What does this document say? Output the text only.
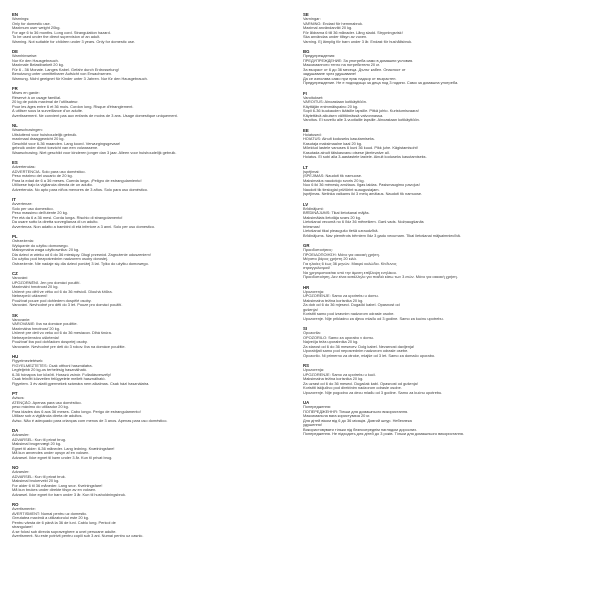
EN
Warnings:
Only for domestic use.
Maximum user weight 20kg.
For age 6 to 36 months. Long cord. Strangulation hazard.
To be used under the direct supervision of an adult.
Warning. Not suitable for children under 3 years. Only for domestic use.
DE
Warnhinweise:
Nur für den Hausgebrauch.
Maximale Belastbarkeit 20 kg.
Für 6 - 36 Monate. Langes Kabel. Gefahr durch Erdrosselung!
Benutzung unter unmittelbarer Aufsicht von Erwachsenen.
Warnung. Nicht geeignet für Kinder unter 3 Jahren. Nur für den Hausgebrauch.
FR
Mises en garde:
Réservé à un usage familial.
20 kg de poids maximal de l'utilisateur.
Pour les âges entre 6 et 36 mois. Cordon long. Risque d'étranglement.
À utiliser sous la surveillance d'un adulte.
Avertissement. Ne convient pas aux enfants de moins de 3 ans. Usage domestique uniquement.
NL
Waarschuwingen:
Uitsluitend voor huishoudelijk gebruik.
maximaal draaggewicht 20 kg.
Geschikt voor 6-36 maanden. Lang koord. Verwurgingsgevaar!
gebruik onder direct toezicht van een volwassene.
Waarschuwing. Niet geschikt voor kinderen jonger dan 3 jaar. Alleen voor huishoudelijk gebruik.
ES
Advertencias:
ADVERTENCIA. Solo para uso doméstico.
Peso máximo del usuario de 20 kg.
Para la edad de 6 a 36 meses. Cuerda larga. ¡Peligro de estrangulamiento!
Utilícese bajo la vigilancia directa de un adulto.
Advertencia. No apto para niños menores de 3 años. Solo para uso doméstico.
IT
Avvertenze:
Solo per uso domestico.
Peso massimo dell'utente 20 kg.
Per età da 6 a 36 mesi. Corda lunga. Rischio di strangolamento!
Da usare sotto la diretta sorveglianza di un adulto.
Avvertenza. Non adatto a bambini di età inferiore a 3 anni. Solo per uso domestico.
PL
Ostrzeżenia:
Wyłącznie do użytku domowego.
Maksymalna waga użytkownika: 20 kg.
Dla dzieci w wieku od 6 do 36 miesięcy. Długi przewód. Zagrożenie uduszeniem!
Do użytku pod bezpośrednim nadzorem osoby dorosłej.
Ostrzeżenie. Nie nadaje się dla dzieci poniżej 3 lat. Tylko do użytku domowego.
CZ
Varování:
UPOZORNĚNÍ. Jen pro domácí použití.
Maximální hmotnost 20 kg.
Určené pro děti ve věku od 6 do 36 měsíců. Dlouhá šňůra.
Nebezpečí uškrcení!
Používat pouze pod dohledem dospělé osoby.
Varování. Nevhodné pro děti do 3 let. Pouze pro domácí použití.
SK
Varovanie:
VAROVANIE: Iba na domáce použitie.
Maximálna hmotnosť 20 kg.
Určené pre deti vo veku od 6 do 36 mesiacov. Dlhá šnúra.
Nebezpečenstvo uškrtenia!
Používať iba pod dohľadom dospelej osoby.
Varovanie. Nevhodné pre deti do 3 rokov. Iba na domáce použitie.
HU
Figyelmeztetések:
FIGYELMEZTETÉS: Csak otthoni használatra.
Legfeljebb 20 kg-os terhelésig használható.
6-36 hónapos kor között. Hosszú zsinór. Fulladásveszély!
Csak felnőtt közvetlen felügyelete mellett használható.
Figyelem. 3 év alatti gyermekek számára nem alkalmas. Csak házi használatra.
PT
Avisos:
ATENÇÃO. Apenas para uso doméstico.
peso máximo do utilizador 20 kg.
Para idades dos 6 aos 36 meses. Cabo longo. Perigo de estrangulamento!
Utilizar sob a vigilância direta de adultos.
Aviso. Não é adequado para crianças com menos de 3 anos. Apenas para uso doméstico.
DA
Advarsler:
ADVARSEL: Kun til privat brug.
Maksimal brugervægt 20 kg.
Egnet til alder: 6-36 måneder. Lang ledning. Kvælningsfare!
Må kun anvendes under opsyn af en voksen.
Advarsel. Ikke egnet til børn under 3 år. Kun til privat brug.
NO
Advarsler:
ADVARSEL: Kun til privat bruk.
Maksimal brukervekt 20 kg.
For alder 6 til 36 måneder. Lang snor. Kvelningsfare!
Må kun brukes under direkte tilsyn av en voksen.
Advarsel. Ikke egnet for barn under 3 år. Kun til husholdningsbruk.
RO
Avertismente:
AVERTISMENT: Numai pentru uz domestic.
Greutatea maximă a utilizatorului este 20 kg.
Pentru vârsta de 6 până la 36 de luni. Cablu lung. Pericol de
strangulare!
A se folosi sub directa supraveghere a unei persoane adulte.
Avertisment. Nu este potrivit pentru copiii sub 3 ani. Numai pentru uz casnic.
SE
Varningar:
VARNING: Endast för hemmabruk.
Maximal användarvikt 20 kg.
För åldrarna 6 till 36 månader. Lång sladd. Strypningsrisk!
Ska användas under tillsyn av vuxen.
Varning. Ej lämplig för barn under 3 år. Endast för hushållsbruk.
BG
Предупреждения:
ПРЕДУПРЕЖДЕНИЕ: За употреба само в домашни условия.
Максималното тегло на потребителя 20 кг.
За възраст от 6 до 36 месеца. Дълъг кабел. Опасност от
задушаване чрез удушаване!
Да се използва само при пряк надзор от възрастен.
Предупреждение. Не е подходящо за деца под 3 години. Само за домашна употреба.
FI
Varoitukset:
VAROITUS: Ainoastaan kotikäyttöön.
Käyttäjän enimmäispaino 20 kg.
Sopii 6-36 kuukauden ikäisille lapsille. Pitkä johto. Kuristumisvaara!
Käytettävä aikuisen välittömässä valvonnassa.
Varoitus. Ei sovellu alle 3-vuotiaille lapsille. Ainoastaan kotikäyttöön.
EE
Hoiatused:
HOIATUS: Ainult koduseks kasutamiseks.
Kasutaja maksimaalne kaal 20 kg.
Mõeldud lastele vanuses 6 kuni 36 kuud. Pikk juhe. Kägistamisoht!
Kasutada ainult täiskasvanu otsese järelevalve all.
Hoiatus. Ei sobi alla 3-aastastele lastele. Ainult koduseks kasutamiseks.
LT
Įspėjimai:
ĮSPĖJIMAS: Naudoti tik namuose.
Maksimalus naudotojo svoris 20 kg.
Nuo 6 iki 36 mėnesių amžiaus. Ilgas laidas. Pasismaugimo pavojus!
Naudoti tik tiesiogiai prižiūrint suaugusiajam.
Įspėjimas. Netinka vaikams iki 3 metų amžiaus. Naudoti tik namuose.
LV
Brīdinājumi:
BRĪDINĀJUMS: Tikai lietošanai mājās.
Maksimālais lietotāja svars 20 kg.
Lietošanai vecumā no 6 līdz 36 mēnešiem. Garš vads. Nožņaugšanās
briesmas!
Lietošanai tikai pieaugušo tiešā uzraudzībā.
Brīdinājums. Nav piemērots bērniem līdz 3 gadu vecumam. Tikai lietošanai mājsaimniecībā.
GR
Προειδοποιήσεις:
ΠΡΟΕΙΔΟΠΟΙΗΣΗ: Μόνο για οικιακή χρήση.
Μέγιστο βάρος χρήστη 20 κιλά.
Για ηλικίες 6 έως 36 μηνών. Μακρύ καλώδιο. Κίνδυνος
στραγγαλισμού!
Να χρησιμοποιείται υπό την άμεση επίβλεψη ενηλίκου.
Προειδοποίηση. Δεν είναι κατάλληλο για παιδιά κάτω των 3 ετών. Μόνο για οικιακή χρήση.
HR
Upozorenja:
UPOZORENJE: Samo za upotrebu u domu.
Maksimalna težina korisnika 20 kg.
Za dob od 6 do 36 mjeseci. Dugački kabel. Opasnost od
gušenja!
Koristiti samo pod izravnim nadzorom odrasle osobe.
Upozorenje. Nije prikladno za djecu mlađu od 3 godine. Samo za kućnu upotrebu.
SI
Opozorila:
OPOZORILO: Samo za uporabo v domu.
Največja teža uporabnika 20 kg.
Za starost od 6 do 36 mesecev. Dolg kabel. Nevarnost davljenja!
Uporabljati samo pod neposrednim nadzorom odrasle osebe.
Opozorilo. Ni primerno za otroke, mlajše od 3 let. Samo za domačo uporabo.
RS
Upozorenja:
UPOZORENJE: Samo za upotrebu u kući.
Maksimalna težina korisnika 20 kg.
Za uzrast od 6 do 36 meseci. Dugačak kabl. Opasnost od gušenja!
Koristiti isključivo pod direktnim nadzorom odrasle osobe.
Upozorenje. Nije pogodno za decu mlađu od 3 godine. Samo za kućnu upotrebu.
UA
Попередження:
ПОПЕРЕДЖЕННЯ: Тільки для домашнього використання.
Максимальна вага користувача 20 кг.
Для дітей віком від 6 до 36 місяців. Довгий шнур. Небезпека
удушення!
Використовувати тільки під безпосереднім наглядом дорослих.
Попередження. Не підходить для дітей до 3 років. Тільки для домашнього використання.
